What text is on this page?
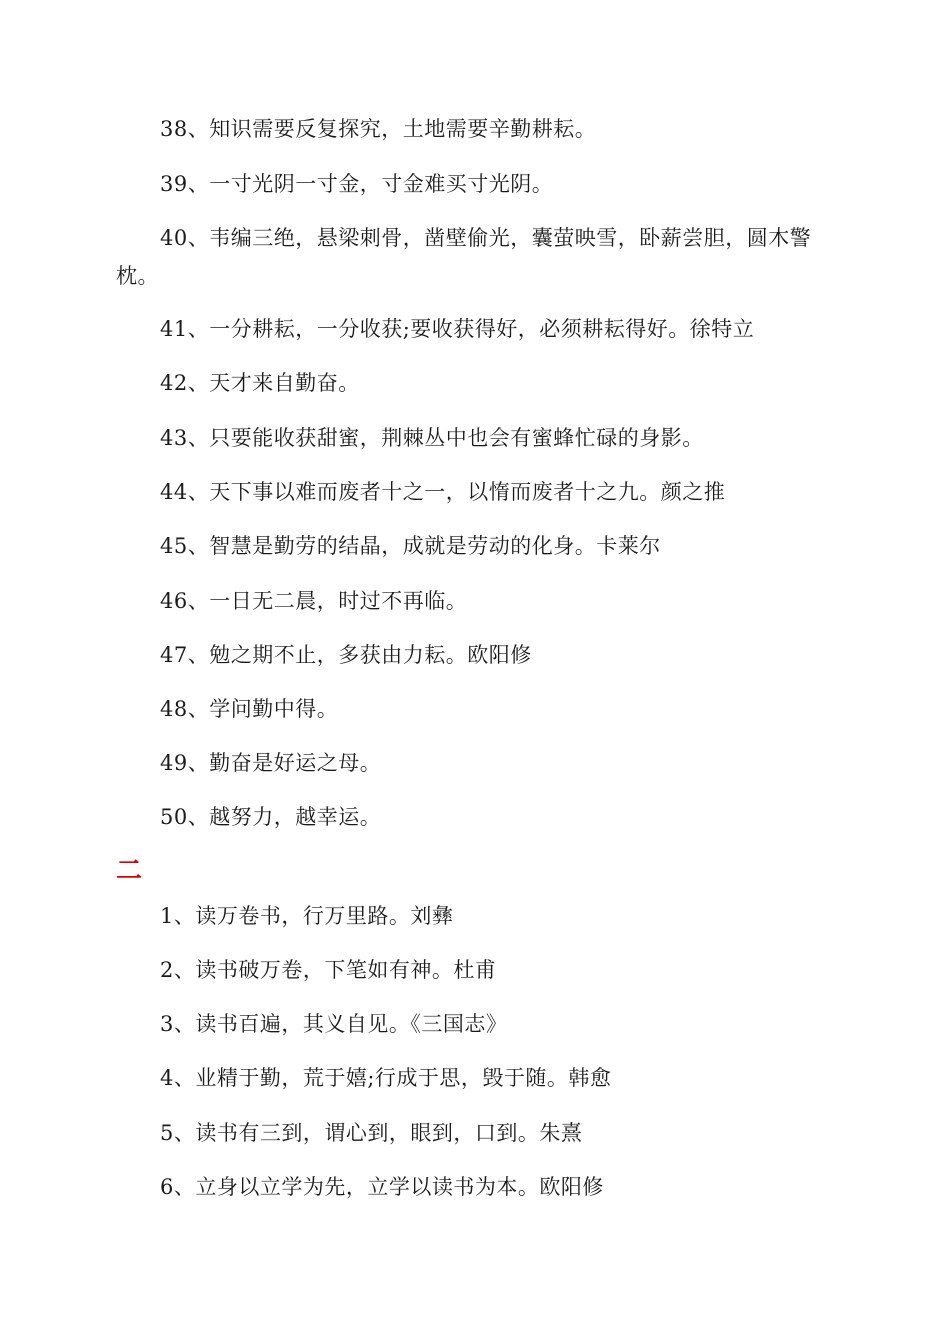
38、知识需要反复探究，土地需要辛勤耕耘。
39、一寸光阴一寸金，寸金难买寸光阴。
40、韦编三绝，悬梁刺骨，凿壁偷光，囊萤映雪，卧薪尝胆，圆木警枕。
41、一分耕耘，一分收获;要收获得好，必须耕耘得好。徐特立
42、天才来自勤奋。
43、只要能收获甜蜜，荆棘丛中也会有蜜蜂忙碌的身影。
44、天下事以难而废者十之一，以惰而废者十之九。颜之推
45、智慧是勤劳的结晶，成就是劳动的化身。卡莱尔
46、一日无二晨，时过不再临。
47、勉之期不止，多获由力耘。欧阳修
48、学问勤中得。
49、勤奋是好运之母。
50、越努力，越幸运。
二
1、读万卷书，行万里路。刘彝
2、读书破万卷，下笔如有神。杜甫
3、读书百遍，其义自见。《三国志》
4、业精于勤，荒于嬉;行成于思，毁于随。韩愈
5、读书有三到，谓心到，眼到，口到。朱熹
6、立身以立学为先，立学以读书为本。欧阳修
